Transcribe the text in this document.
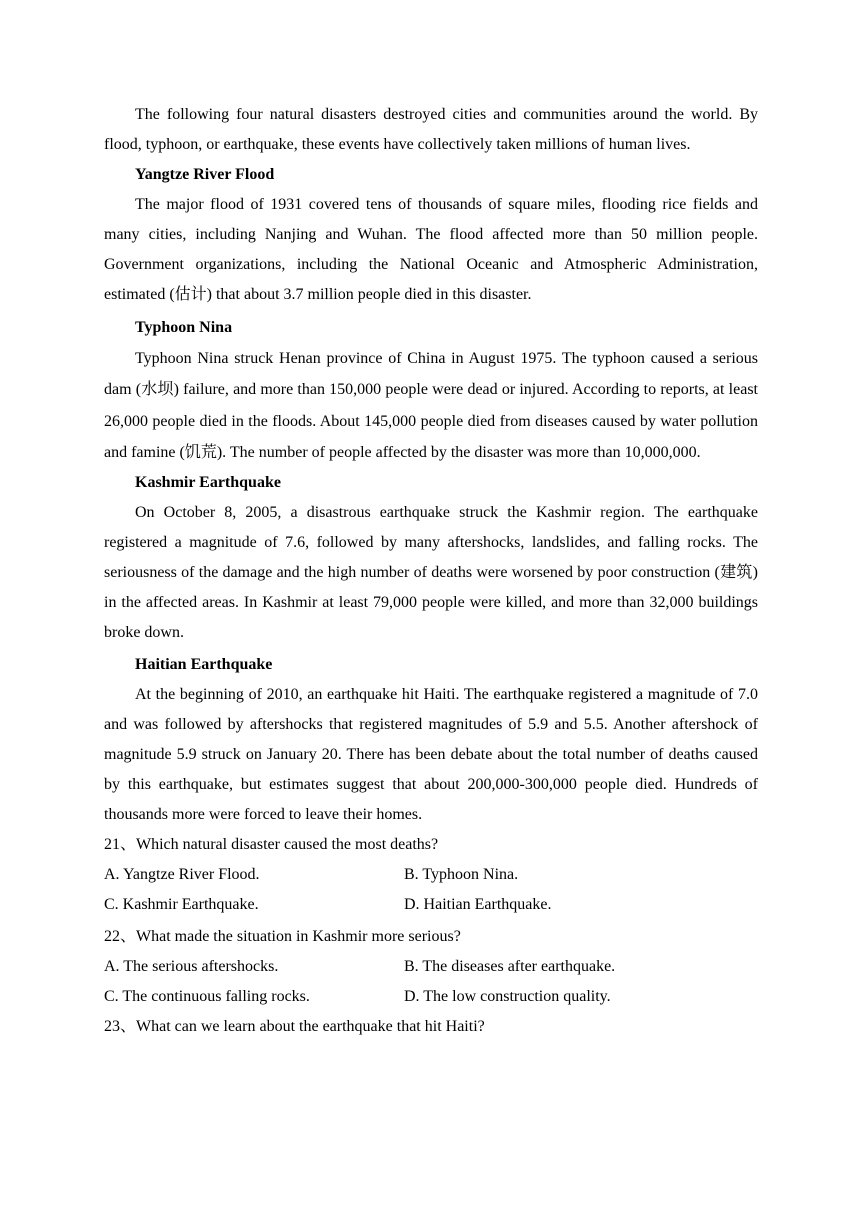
The following four natural disasters destroyed cities and communities around the world. By flood, typhoon, or earthquake, these events have collectively taken millions of human lives.

Yangtze River Flood

The major flood of 1931 covered tens of thousands of square miles, flooding rice fields and many cities, including Nanjing and Wuhan. The flood affected more than 50 million people. Government organizations, including the National Oceanic and Atmospheric Administration, estimated (估计) that about 3.7 million people died in this disaster.

Typhoon Nina

Typhoon Nina struck Henan province of China in August 1975. The typhoon caused a serious dam (水坝) failure, and more than 150,000 people were dead or injured. According to reports, at least 26,000 people died in the floods. About 145,000 people died from diseases caused by water pollution and famine (饥荒). The number of people affected by the disaster was more than 10,000,000.

Kashmir Earthquake

On October 8, 2005, a disastrous earthquake struck the Kashmir region. The earthquake registered a magnitude of 7.6, followed by many aftershocks, landslides, and falling rocks. The seriousness of the damage and the high number of deaths were worsened by poor construction (建筑) in the affected areas. In Kashmir at least 79,000 people were killed, and more than 32,000 buildings broke down.

Haitian Earthquake

At the beginning of 2010, an earthquake hit Haiti. The earthquake registered a magnitude of 7.0 and was followed by aftershocks that registered magnitudes of 5.9 and 5.5. Another aftershock of magnitude 5.9 struck on January 20. There has been debate about the total number of deaths caused by this earthquake, but estimates suggest that about 200,000-300,000 people died. Hundreds of thousands more were forced to leave their homes.

21、Which natural disaster caused the most deaths?

A. Yangtze River Flood.	B. Typhoon Nina.
C. Kashmir Earthquake.	D. Haitian Earthquake.

22、What made the situation in Kashmir more serious?

A. The serious aftershocks.	B. The diseases after earthquake.
C. The continuous falling rocks.	D. The low construction quality.

23、What can we learn about the earthquake that hit Haiti?
